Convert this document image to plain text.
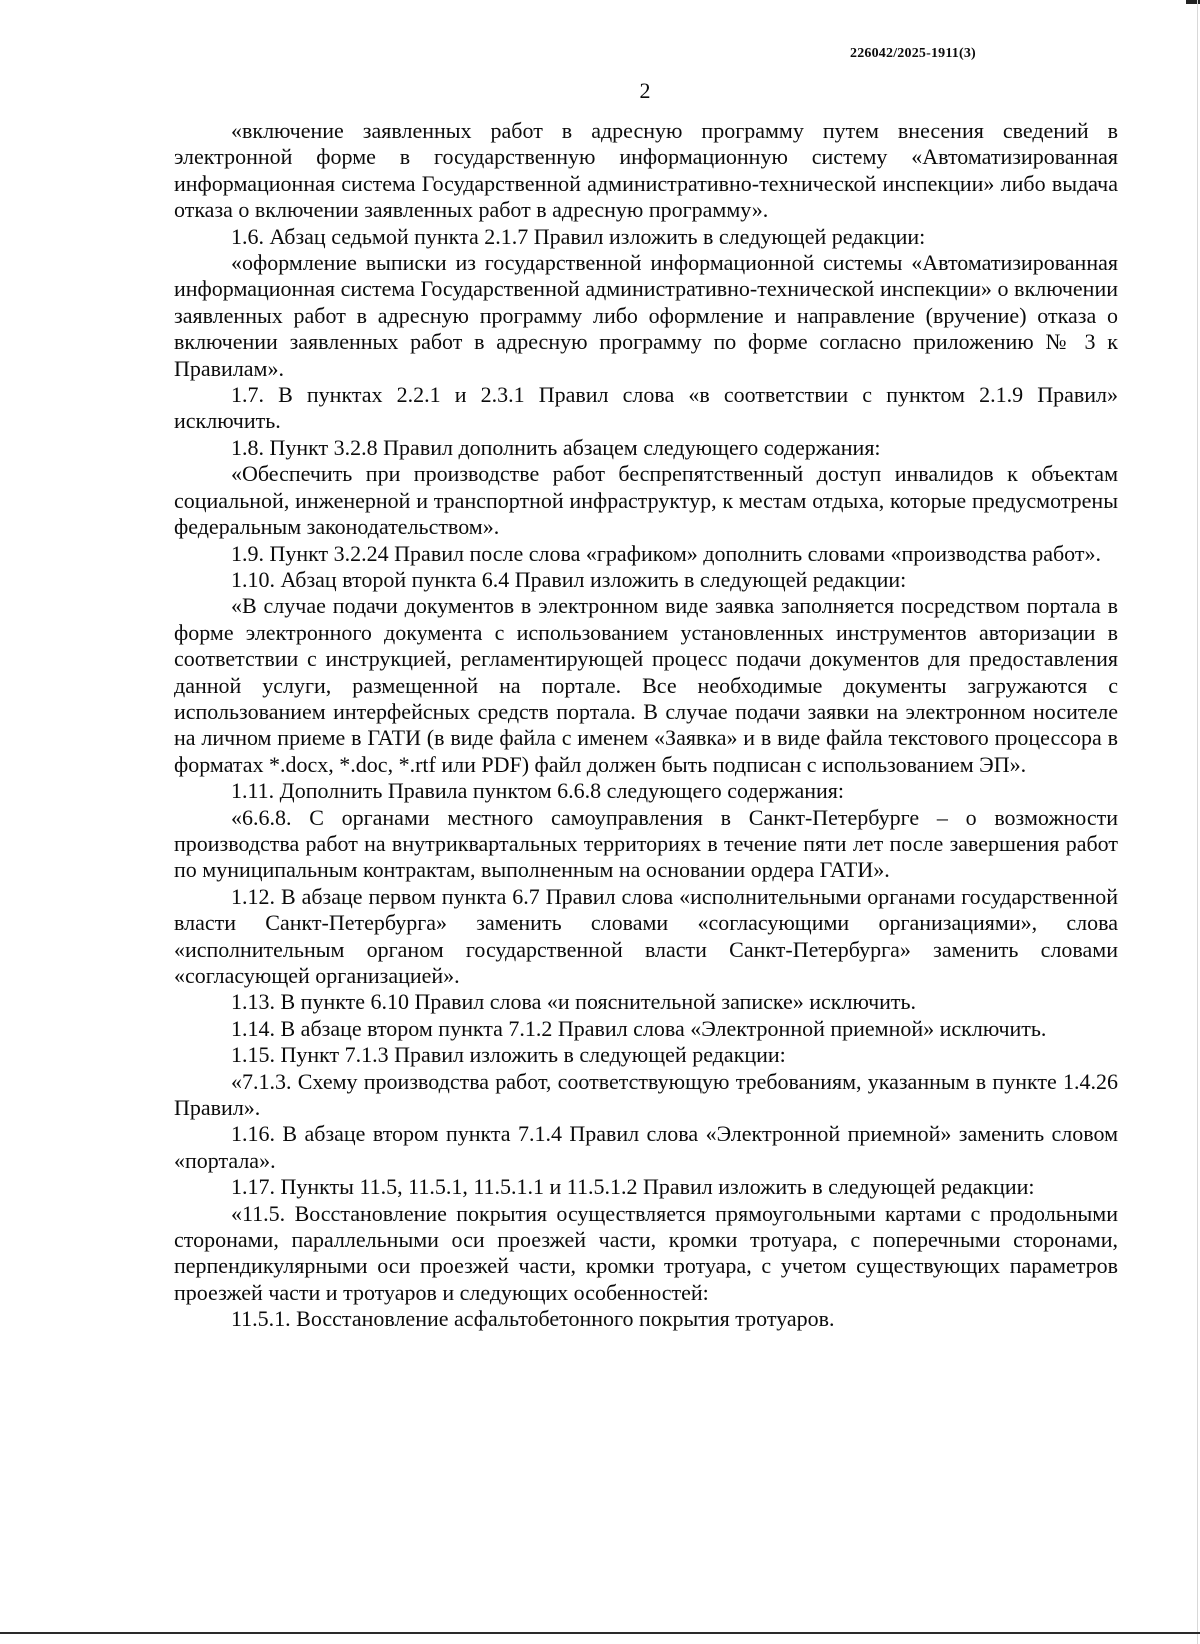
226042/2025-1911(3)
2

«включение заявленных работ в адресную программу путем внесения сведений в электронной форме в государственную информационную систему «Автоматизированная информационная система Государственной административно-технической инспекции» либо выдача отказа о включении заявленных работ в адресную программу».

1.6. Абзац седьмой пункта 2.1.7 Правил изложить в следующей редакции:

«оформление выписки из государственной информационной системы «Автоматизированная информационная система Государственной административно-технической инспекции» о включении заявленных работ в адресную программу либо оформление и направление (вручение) отказа о включении заявленных работ в адресную программу по форме согласно приложению № 3 к Правилам».

1.7. В пунктах 2.2.1 и 2.3.1 Правил слова «в соответствии с пунктом 2.1.9 Правил» исключить.

1.8. Пункт 3.2.8 Правил дополнить абзацем следующего содержания:

«Обеспечить при производстве работ беспрепятственный доступ инвалидов к объектам социальной, инженерной и транспортной инфраструктур, к местам отдыха, которые предусмотрены федеральным законодательством».

1.9. Пункт 3.2.24 Правил после слова «графиком» дополнить словами «производства работ».

1.10. Абзац второй пункта 6.4 Правил изложить в следующей редакции:

«В случае подачи документов в электронном виде заявка заполняется посредством портала в форме электронного документа с использованием установленных инструментов авторизации в соответствии с инструкцией, регламентирующей процесс подачи документов для предоставления данной услуги, размещенной на портале. Все необходимые документы загружаются с использованием интерфейсных средств портала. В случае подачи заявки на электронном носителе на личном приеме в ГАТИ (в виде файла с именем «Заявка» и в виде файла текстового процессора в форматах *.docx, *.doc, *.rtf или PDF) файл должен быть подписан с использованием ЭП».

1.11. Дополнить Правила пунктом 6.6.8 следующего содержания:

«6.6.8. С органами местного самоуправления в Санкт-Петербурге – о возможности производства работ на внутриквартальных территориях в течение пяти лет после завершения работ по муниципальным контрактам, выполненным на основании ордера ГАТИ».

1.12. В абзаце первом пункта 6.7 Правил слова «исполнительными органами государственной власти Санкт-Петербурга» заменить словами «согласующими организациями», слова «исполнительным органом государственной власти Санкт-Петербурга» заменить словами «согласующей организацией».

1.13. В пункте 6.10 Правил слова «и пояснительной записке» исключить.

1.14. В абзаце втором пункта 7.1.2 Правил слова «Электронной приемной» исключить.

1.15. Пункт 7.1.3 Правил изложить в следующей редакции:

«7.1.3. Схему производства работ, соответствующую требованиям, указанным в пункте 1.4.26 Правил».

1.16. В абзаце втором пункта 7.1.4 Правил слова «Электронной приемной» заменить словом «портала».

1.17. Пункты 11.5, 11.5.1, 11.5.1.1 и 11.5.1.2 Правил изложить в следующей редакции:

«11.5. Восстановление покрытия осуществляется прямоугольными картами с продольными сторонами, параллельными оси проезжей части, кромки тротуара, с поперечными сторонами, перпендикулярными оси проезжей части, кромки тротуара, с учетом существующих параметров проезжей части и тротуаров и следующих особенностей:

11.5.1. Восстановление асфальтобетонного покрытия тротуаров.
